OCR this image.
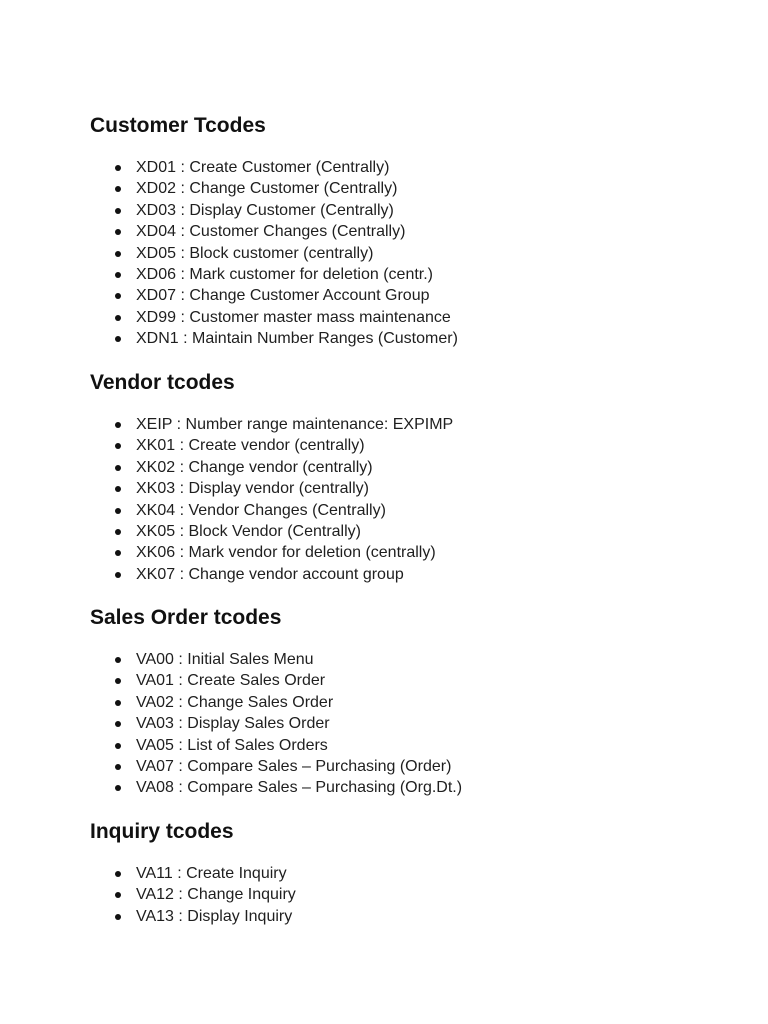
Customer Tcodes
XD01 : Create Customer (Centrally)
XD02 : Change Customer (Centrally)
XD03 : Display Customer (Centrally)
XD04 : Customer Changes (Centrally)
XD05 : Block customer (centrally)
XD06 : Mark customer for deletion (centr.)
XD07 : Change Customer Account Group
XD99 : Customer master mass maintenance
XDN1 : Maintain Number Ranges (Customer)
Vendor tcodes
XEIP : Number range maintenance: EXPIMP
XK01 : Create vendor (centrally)
XK02 : Change vendor (centrally)
XK03 : Display vendor (centrally)
XK04 : Vendor Changes (Centrally)
XK05 : Block Vendor (Centrally)
XK06 : Mark vendor for deletion (centrally)
XK07 : Change vendor account group
Sales Order tcodes
VA00 : Initial Sales Menu
VA01 : Create Sales Order
VA02 : Change Sales Order
VA03 : Display Sales Order
VA05 : List of Sales Orders
VA07 : Compare Sales – Purchasing (Order)
VA08 : Compare Sales – Purchasing (Org.Dt.)
Inquiry tcodes
VA11 : Create Inquiry
VA12 : Change Inquiry
VA13 : Display Inquiry
